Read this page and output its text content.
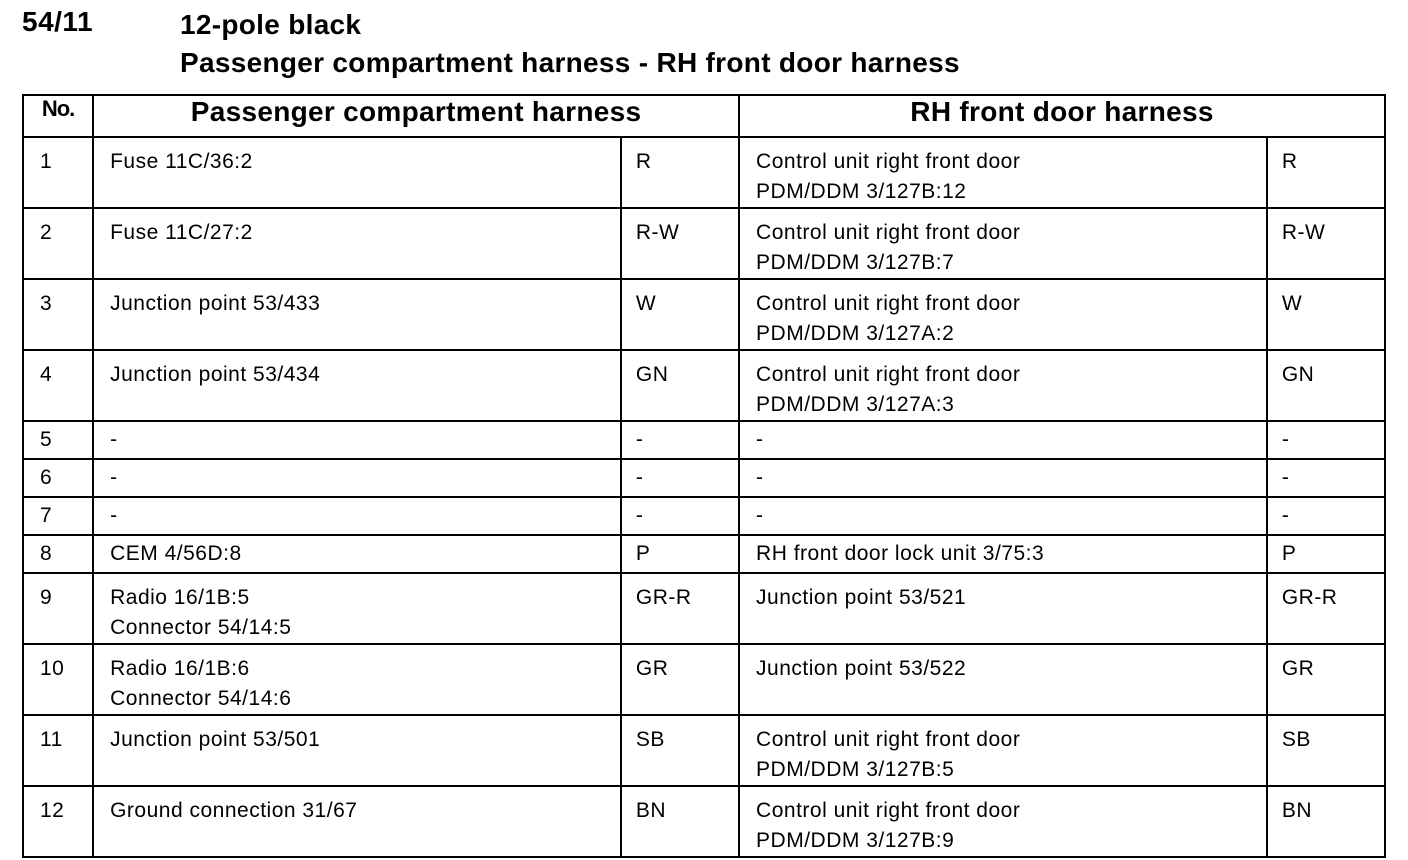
54/11	12-pole black
Passenger compartment harness - RH front door harness
No.	Passenger compartment harness		RH front door harness	

1	Fuse 11C/36:2	R	Control unit right front door
PDM/DDM 3/127B:12	R

2	Fuse 11C/27:2	R-W	Control unit right front door
PDM/DDM 3/127B:7	R-W

3	Junction point 53/433	W	Control unit right front door
PDM/DDM 3/127A:2	W

4	Junction point 53/434	GN	Control unit right front door
PDM/DDM 3/127A:3	GN

5	-	-	-	-

6	-	-	-	-

7	-	-	-	-

8	CEM 4/56D:8	P	RH front door lock unit 3/75:3	P

9	Radio 16/1B:5
Connector 54/14:5	GR-R	Junction point 53/521	GR-R

10	Radio 16/1B:6
Connector 54/14:6	GR	Junction point 53/522	GR

11	Junction point 53/501	SB	Control unit right front door
PDM/DDM 3/127B:5	SB

12	Ground connection 31/67	BN	Control unit right front door
PDM/DDM 3/127B:9	BN
